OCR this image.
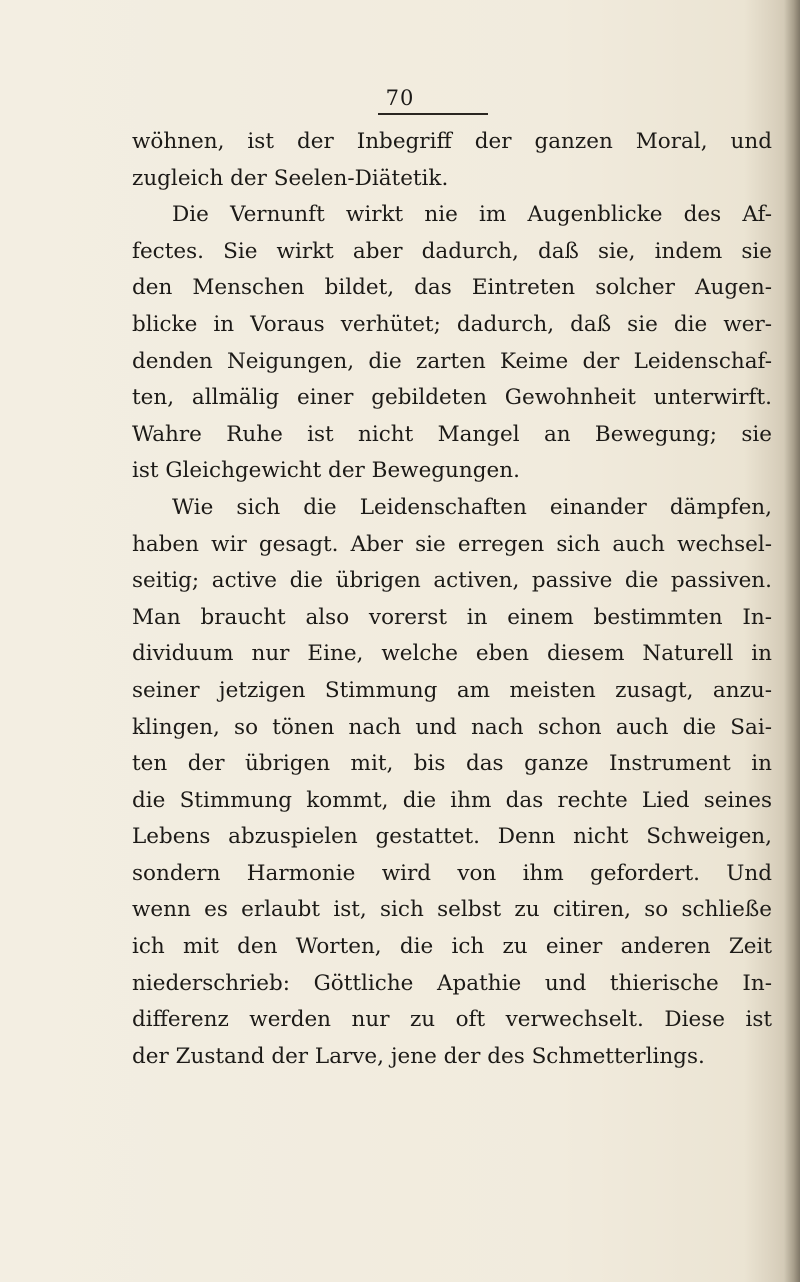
70
wöhnen, ist der Inbegriff der ganzen Moral, und
zugleich der Seelen-Diätetik.
Die Vernunft wirkt nie im Augenblicke des Af-
fectes. Sie wirkt aber dadurch, daß sie, indem sie
den Menschen bildet, das Eintreten solcher Augen-
blicke in Voraus verhütet; dadurch, daß sie die wer-
denden Neigungen, die zarten Keime der Leidenschaf-
ten, allmälig einer gebildeten Gewohnheit unterwirft.
Wahre Ruhe ist nicht Mangel an Bewegung; sie
ist Gleichgewicht der Bewegungen.
Wie sich die Leidenschaften einander dämpfen,
haben wir gesagt. Aber sie erregen sich auch wechsel-
seitig; active die übrigen activen, passive die passiven.
Man braucht also vorerst in einem bestimmten In-
dividuum nur Eine, welche eben diesem Naturell in
seiner jetzigen Stimmung am meisten zusagt, anzu-
klingen, so tönen nach und nach schon auch die Sai-
ten der übrigen mit, bis das ganze Instrument in
die Stimmung kommt, die ihm das rechte Lied seines
Lebens abzuspielen gestattet. Denn nicht Schweigen,
sondern Harmonie wird von ihm gefordert. Und
wenn es erlaubt ist, sich selbst zu citiren, so schließe
ich mit den Worten, die ich zu einer anderen Zeit
niederschrieb: Göttliche Apathie und thierische In-
differenz werden nur zu oft verwechselt. Diese ist
der Zustand der Larve, jene der des Schmetterlings.
